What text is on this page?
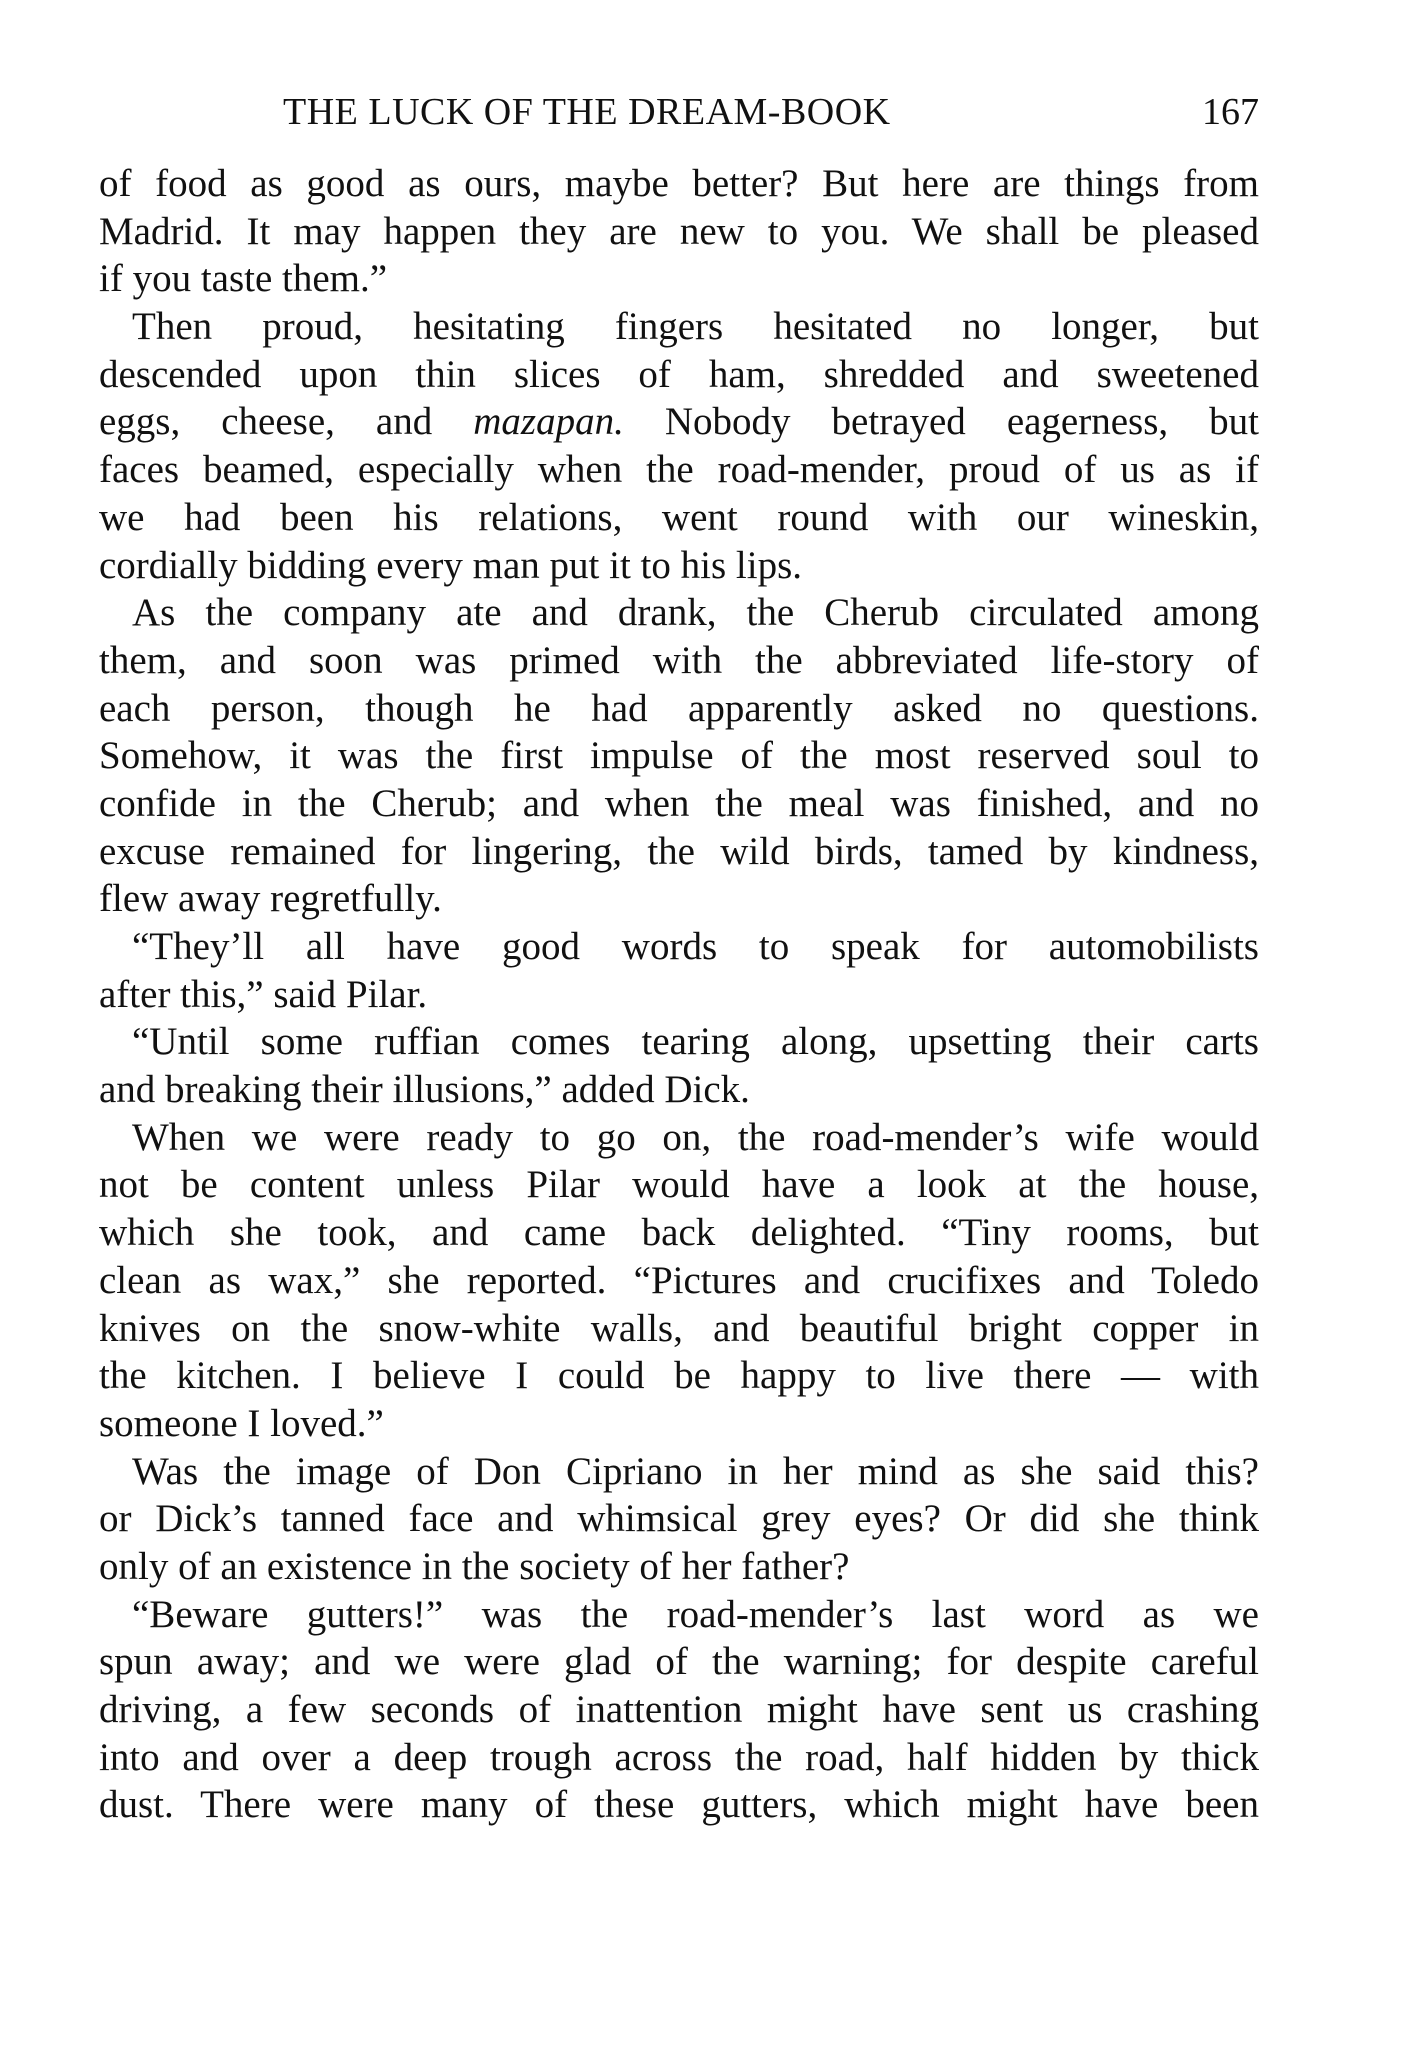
THE LUCK OF THE DREAM-BOOK	167
of food as good as ours, maybe better? But here are things from
Madrid. It may happen they are new to you. We shall be pleased
if you taste them.”
Then proud, hesitating fingers hesitated no longer, but
descended upon thin slices of ham, shredded and sweetened
eggs, cheese, and mazapan. Nobody betrayed eagerness, but
faces beamed, especially when the road-mender, proud of us as if
we had been his relations, went round with our wineskin,
cordially bidding every man put it to his lips.
As the company ate and drank, the Cherub circulated among
them, and soon was primed with the abbreviated life-story of
each person, though he had apparently asked no questions.
Somehow, it was the first impulse of the most reserved soul to
confide in the Cherub; and when the meal was finished, and no
excuse remained for lingering, the wild birds, tamed by kindness,
flew away regretfully.
“They’ll all have good words to speak for automobilists
after this,” said Pilar.
“Until some ruffian comes tearing along, upsetting their carts
and breaking their illusions,” added Dick.
When we were ready to go on, the road-mender’s wife would
not be content unless Pilar would have a look at the house,
which she took, and came back delighted. “Tiny rooms, but
clean as wax,” she reported. “Pictures and crucifixes and Toledo
knives on the snow-white walls, and beautiful bright copper in
the kitchen. I believe I could be happy to live there — with
someone I loved.”
Was the image of Don Cipriano in her mind as she said this?
or Dick’s tanned face and whimsical grey eyes? Or did she think
only of an existence in the society of her father?
“Beware gutters!” was the road-mender’s last word as we
spun away; and we were glad of the warning; for despite careful
driving, a few seconds of inattention might have sent us crashing
into and over a deep trough across the road, half hidden by thick
dust. There were many of these gutters, which might have been
